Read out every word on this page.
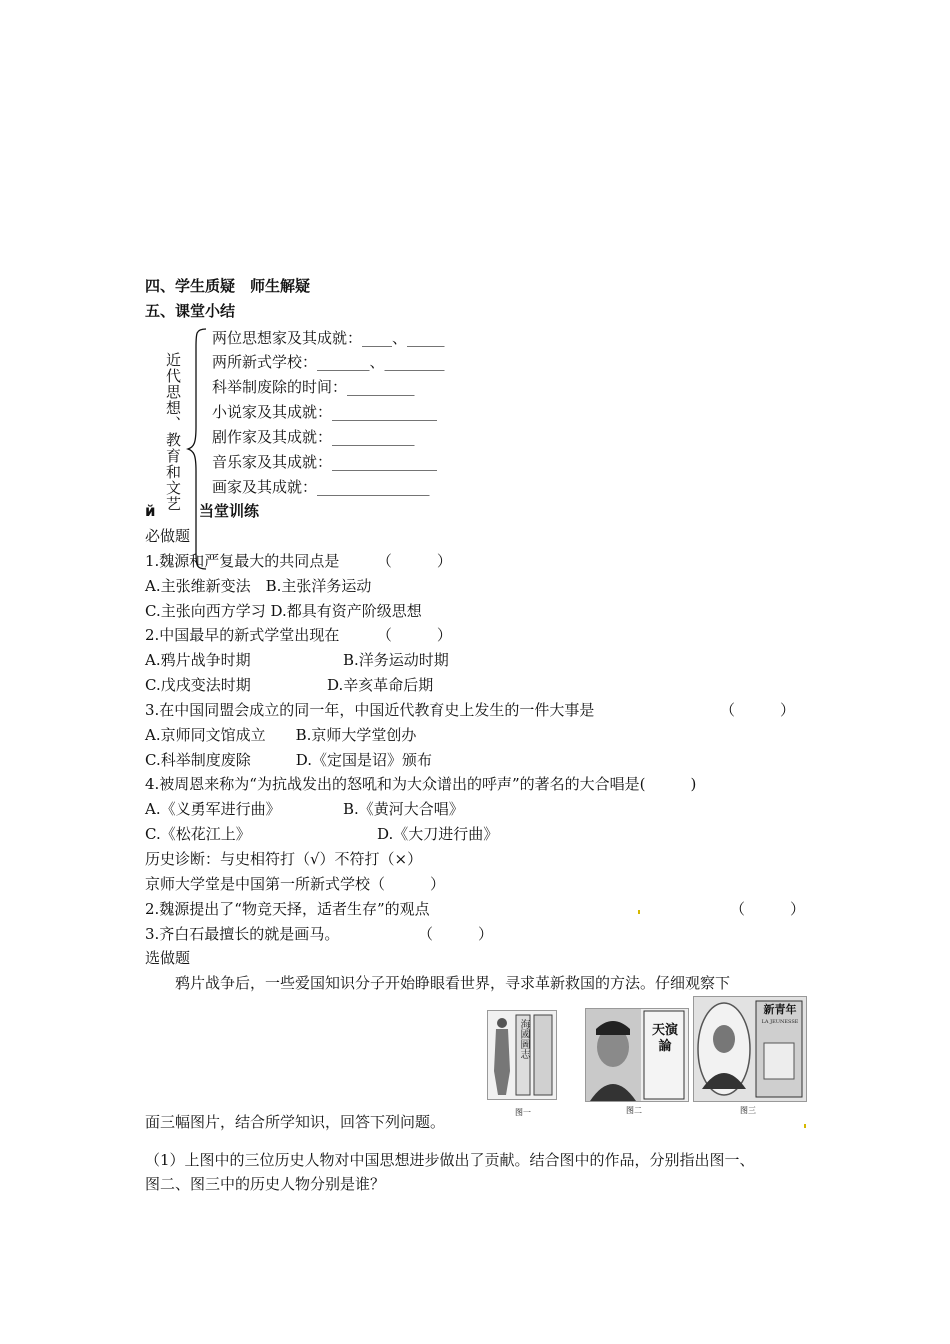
四、学生质疑　师生解疑
五、课堂小结
近代思想、教育和文艺
两位思想家及其成就：____、_____
两所新式学校：_______、________
科举制废除的时间：_________
小说家及其成就：______________
剧作家及其成就：___________
音乐家及其成就：______________
画家及其成就：_______________
й	当堂训练
必做题
1.魏源和严复最大的共同点是　　　（　　　）
A.主张维新变法　B.主张洋务运动
C.主张向西方学习 D.都具有资产阶级思想
2.中国最早的新式学堂出现在　　　（　　　）
A.鸦片战争时期	B.洋务运动时期
C.戊戌变法时期	D.辛亥革命后期
3.在中国同盟会成立的同一年，中国近代教育史上发生的一件大事是	（　　　）
A.京师同文馆成立　　B.京师大学堂创办
C.科举制度废除　　　D.《定国是诏》颁布
4.被周恩来称为“为抗战发出的怒吼和为大众谱出的呼声”的著名的大合唱是(　　　)
A.《义勇军进行曲》	B.《黄河大合唱》
C.《松花江上》	D.《大刀进行曲》
历史诊断：与史相符打（√）不符打（×）
京师大学堂是中国第一所新式学校（　　　）
2.魏源提出了“物竞天择，适者生存”的观点	（　　　）
3.齐白石最擅长的就是画马。	（　　　）
选做题
　　鸦片战争后，一些爱国知识分子开始睁眼看世界，寻求革新救国的方法。仔细观察下
海國圖志
图一
天演論
图二
新青年
LA JEUNESSE
图三
面三幅图片，结合所学知识，回答下列问题。
（1）上图中的三位历史人物对中国思想进步做出了贡献。结合图中的作品，分别指出图一、
图二、图三中的历史人物分别是谁？
